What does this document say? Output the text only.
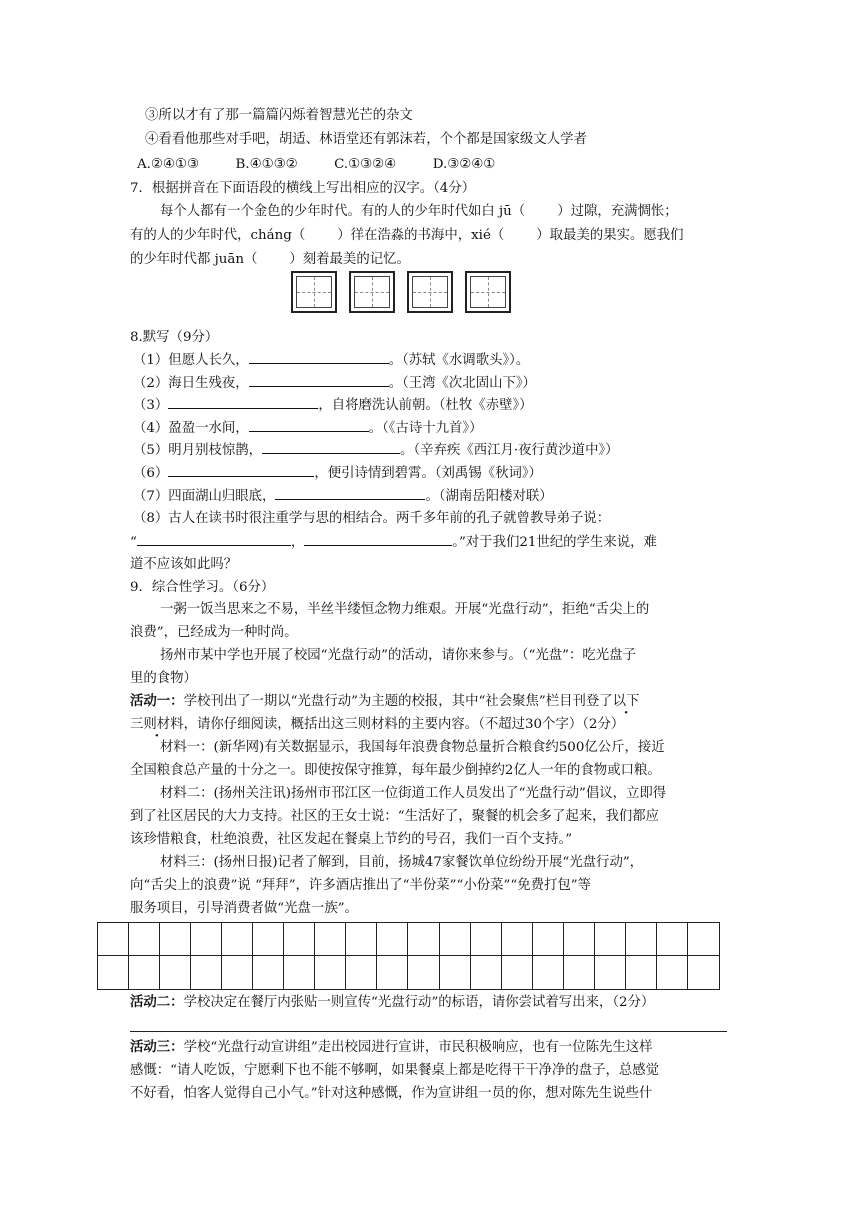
③所以才有了那一篇篇闪烁着智慧光芒的杂文
④看看他那些对手吧，胡适、林语堂还有郭沫若，个个都是国家级文人学者
A.②④①③	B.④①③②	C.①③②④	D.③②④①
7．根据拼音在下面语段的横线上写出相应的汉字。（4分）
每个人都有一个金色的少年时代。有的人的少年时代如白 jū（ ）过隙，充满惆怅；
有的人的少年时代，cháng（ ）徉在浩淼的书海中，xié（ ）取最美的果实。愿我们
的少年时代都 juān（ ）刻着最美的记忆。
8.默写（9分）
（1）但愿人长久，	。（苏轼《水调歌头》）。
（2）海日生残夜，	。（王湾《次北固山下》）
（3）	，自将磨洗认前朝。（杜牧《赤壁》）
（4）盈盈一水间，	。（《古诗十九首》）
（5）明月别枝惊鹊，	。（辛弃疾《西江月·夜行黄沙道中》）
（6）	，便引诗情到碧霄。（刘禹锡《秋词》）
（7）四面湖山归眼底，	。（湖南岳阳楼对联）
（8）古人在读书时很注重学与思的相结合。两千多年前的孔子就曾教导弟子说：
“	，	。”对于我们21世纪的学生来说，难
道不应该如此吗？
9．综合性学习。（6分）
一粥一饭当思来之不易，半丝半缕恒念物力维艰。开展“光盘行动”，拒绝“舌尖上的
浪费”，已经成为一种时尚。
扬州市某中学也开展了校园“光盘行动”的活动，请你来参与。（“光盘”：吃光盘子
里的食物）
活动一：学校刊出了一期以“光盘行动”为主题的校报，其中“社会聚焦”栏目刊登了以下
三则材料，请你仔细阅读，概括出这三则材料的主要内容。（不超过30个字）（2分）
材料一：(新华网)有关数据显示，我国每年浪费食物总量折合粮食约500亿公斤，接近
全国粮食总产量的十分之一。即使按保守推算，每年最少倒掉约2亿人一年的食物或口粮。
材料二：(扬州关注讯)扬州市邗江区一位街道工作人员发出了“光盘行动”倡议，立即得
到了社区居民的大力支持。社区的王女士说：“生活好了，聚餐的机会多了起来，我们都应
该珍惜粮食，杜绝浪费，社区发起在餐桌上节约的号召，我们一百个支持。”
材料三：(扬州日报)记者了解到，目前，扬城47家餐饮单位纷纷开展“光盘行动”，
向“舌尖上的浪费”说 “拜拜”，许多酒店推出了“半份菜”“小份菜”“免费打包”等
服务项目，引导消费者做“光盘一族”。
活动二：学校决定在餐厅内张贴一则宣传“光盘行动”的标语，请你尝试着写出来，（2分）
活动三：学校“光盘行动宣讲组”走出校园进行宣讲，市民积极响应，也有一位陈先生这样
感慨：“请人吃饭，宁愿剩下也不能不够啊，如果餐桌上都是吃得干干净净的盘子，总感觉
不好看，怕客人觉得自己小气。”针对这种感慨，作为宣讲组一员的你，想对陈先生说些什
